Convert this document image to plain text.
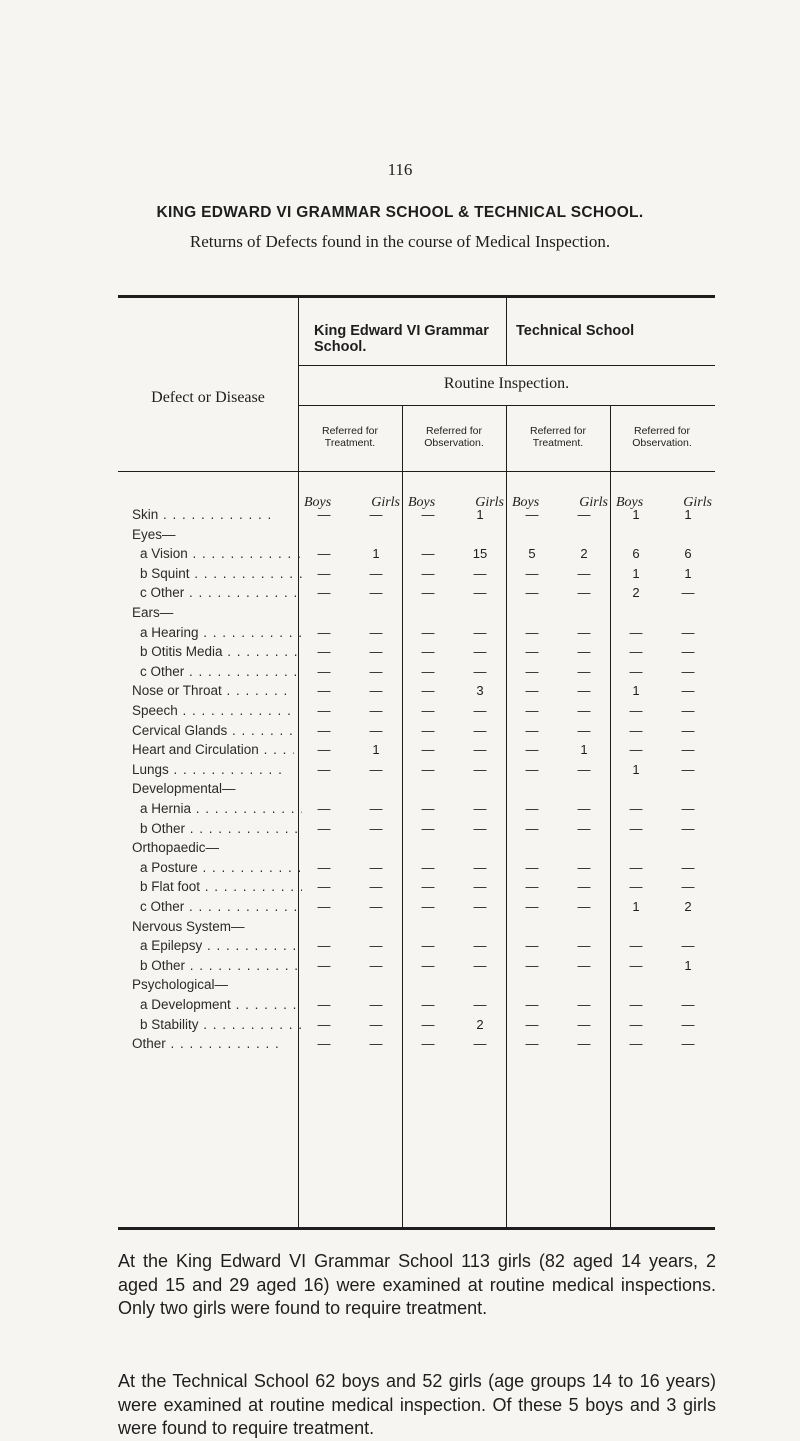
116
KING EDWARD VI GRAMMAR SCHOOL & TECHNICAL SCHOOL.
Returns of Defects found in the course of Medical Inspection.
King Edward VI Grammar School.
Technical School
Defect or Disease
Routine Inspection.
Referred for Treatment.
Referred for Observation.
Referred for Treatment.
Referred for Observation.
Boys	Girls Boys	Girls Boys	Girls Boys	Girls
Skin . . .	—	—	—	1	—	—	1	1
Eyes—
a Vision . . .	—	1	—	15	5	2	6	6
b Squint . . .	—	—	—	—	—	—	1	1
c Other . . .	—	—	—	—	—	—	2	—
Ears—
a Hearing . . .	—	—	—	—	—	—	—	—
b Otitis Media . . .	—	—	—	—	—	—	—	—
c Other . . .	—	—	—	—	—	—	—	—
Nose or Throat . . .	—	—	—	3	—	—	1	—
Speech . . .	—	—	—	—	—	—	—	—
Cervical Glands . . .	—	—	—	—	—	—	—	—
Heart and Circulation . . .	—	1	—	—	—	1	—	—
Lungs . . .	—	—	—	—	—	—	1	—
Developmental—
a Hernia . . .	—	—	—	—	—	—	—	—
b Other . . .	—	—	—	—	—	—	—	—
Orthopaedic—
a Posture . . .	—	—	—	—	—	—	—	—
b Flat foot . . .	—	—	—	—	—	—	—	—
c Other . . .	—	—	—	—	—	—	1	2
Nervous System—
a Epilepsy . . .	—	—	—	—	—	—	—	—
b Other . . .	—	—	—	—	—	—	—	1
Psychological—
a Development . . .	—	—	—	—	—	—	—	—
b Stability . . .	—	—	—	2	—	—	—	—
Other . . .	—	—	—	—	—	—	—	—
At the King Edward VI Grammar School 113 girls (82 aged 14 years, 2 aged 15 and 29 aged 16) were examined at routine medical inspections. Only two girls were found to require treatment.
At the Technical School 62 boys and 52 girls (age groups 14 to 16 years) were examined at routine medical inspection. Of these 5 boys and 3 girls were found to require treatment.
